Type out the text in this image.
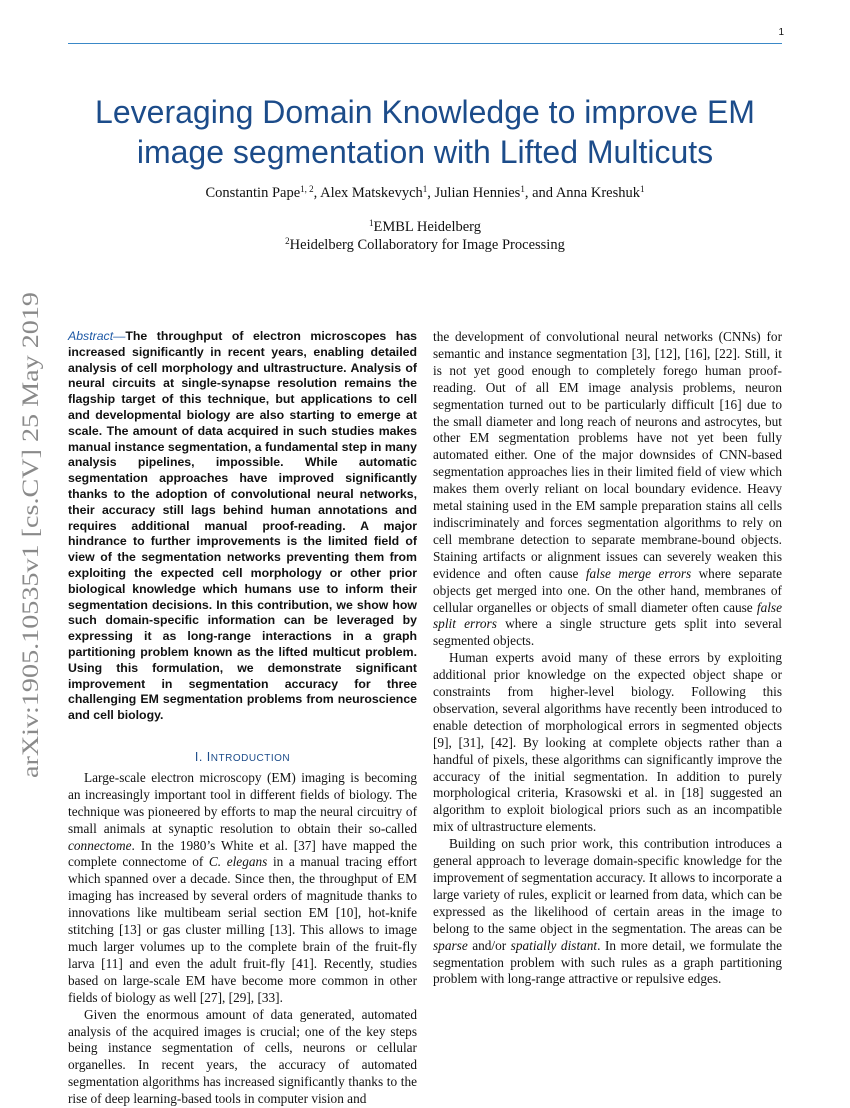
1
arXiv:1905.10535v1 [cs.CV] 25 May 2019
Leveraging Domain Knowledge to improve EM image segmentation with Lifted Multicuts
Constantin Pape$^{1, 2}$, Alex Matskevych$^1$, Julian Hennies$^1$, and Anna Kreshuk$^1$
$^1$EMBL Heidelberg
$^2$Heidelberg Collaboratory for Image Processing

Abstract—The throughput of electron microscopes has increased significantly in recent years, enabling detailed analysis of cell morphology and ultrastructure. Analysis of neural circuits at single-synapse resolution remains the flagship target of this technique, but applications to cell and developmental biology are also starting to emerge at scale. The amount of data acquired in such studies makes manual instance segmentation, a fundamental step in many analysis pipelines, impossible. While automatic segmentation approaches have improved significantly thanks to the adoption of convolutional neural networks, their accuracy still lags behind human annotations and requires additional manual proof-reading. A major hindrance to further improvements is the limited field of view of the segmentation networks preventing them from exploiting the expected cell morphology or other prior biological knowledge which humans use to inform their segmentation decisions. In this contribution, we show how such domain-specific information can be leveraged by expressing it as long-range interactions in a graph partitioning problem known as the lifted multicut problem. Using this formulation, we demonstrate significant improvement in segmentation accuracy for three challenging EM segmentation problems from neuroscience and cell biology.

I. INTRODUCTION

Large-scale electron microscopy (EM) imaging is becoming an increasingly important tool in different fields of biology. The technique was pioneered by efforts to map the neural circuitry of small animals at synaptic resolution to obtain their so-called connectome. In the 1980’s White et al. [37] have mapped the complete connectome of C. elegans in a manual tracing effort which spanned over a decade. Since then, the throughput of EM imaging has increased by several orders of magnitude thanks to innovations like multibeam serial section EM [10], hot-knife stitching [13] or gas cluster milling [13]. This allows to image much larger volumes up to the complete brain of the fruit-fly larva [11] and even the adult fruit-fly [41]. Recently, studies based on large-scale EM have become more common in other fields of biology as well [27], [29], [33].

Given the enormous amount of data generated, automated analysis of the acquired images is crucial; one of the key steps being instance segmentation of cells, neurons or cellular organelles. In recent years, the accuracy of automated segmentation algorithms has increased significantly thanks to the rise of deep learning-based tools in computer vision and

the development of convolutional neural networks (CNNs) for semantic and instance segmentation [3], [12], [16], [22]. Still, it is not yet good enough to completely forego human proof-reading. Out of all EM image analysis problems, neuron segmentation turned out to be particularly difficult [16] due to the small diameter and long reach of neurons and astrocytes, but other EM segmentation problems have not yet been fully automated either. One of the major downsides of CNN-based segmentation approaches lies in their limited field of view which makes them overly reliant on local boundary evidence. Heavy metal staining used in the EM sample preparation stains all cells indiscriminately and forces segmentation algorithms to rely on cell membrane detection to separate membrane-bound objects. Staining artifacts or alignment issues can severely weaken this evidence and often cause false merge errors where separate objects get merged into one. On the other hand, membranes of cellular organelles or objects of small diameter often cause false split errors where a single structure gets split into several segmented objects.

Human experts avoid many of these errors by exploiting additional prior knowledge on the expected object shape or constraints from higher-level biology. Following this observation, several algorithms have recently been introduced to enable detection of morphological errors in segmented objects [9], [31], [42]. By looking at complete objects rather than a handful of pixels, these algorithms can significantly improve the accuracy of the initial segmentation. In addition to purely morphological criteria, Krasowski et al. in [18] suggested an algorithm to exploit biological priors such as an incompatible mix of ultrastructure elements.

Building on such prior work, this contribution introduces a general approach to leverage domain-specific knowledge for the improvement of segmentation accuracy. It allows to incorporate a large variety of rules, explicit or learned from data, which can be expressed as the likelihood of certain areas in the image to belong to the same object in the segmentation. The areas can be sparse and/or spatially distant. In more detail, we formulate the segmentation problem with such rules as a graph partitioning problem with long-range attractive or repulsive edges.
